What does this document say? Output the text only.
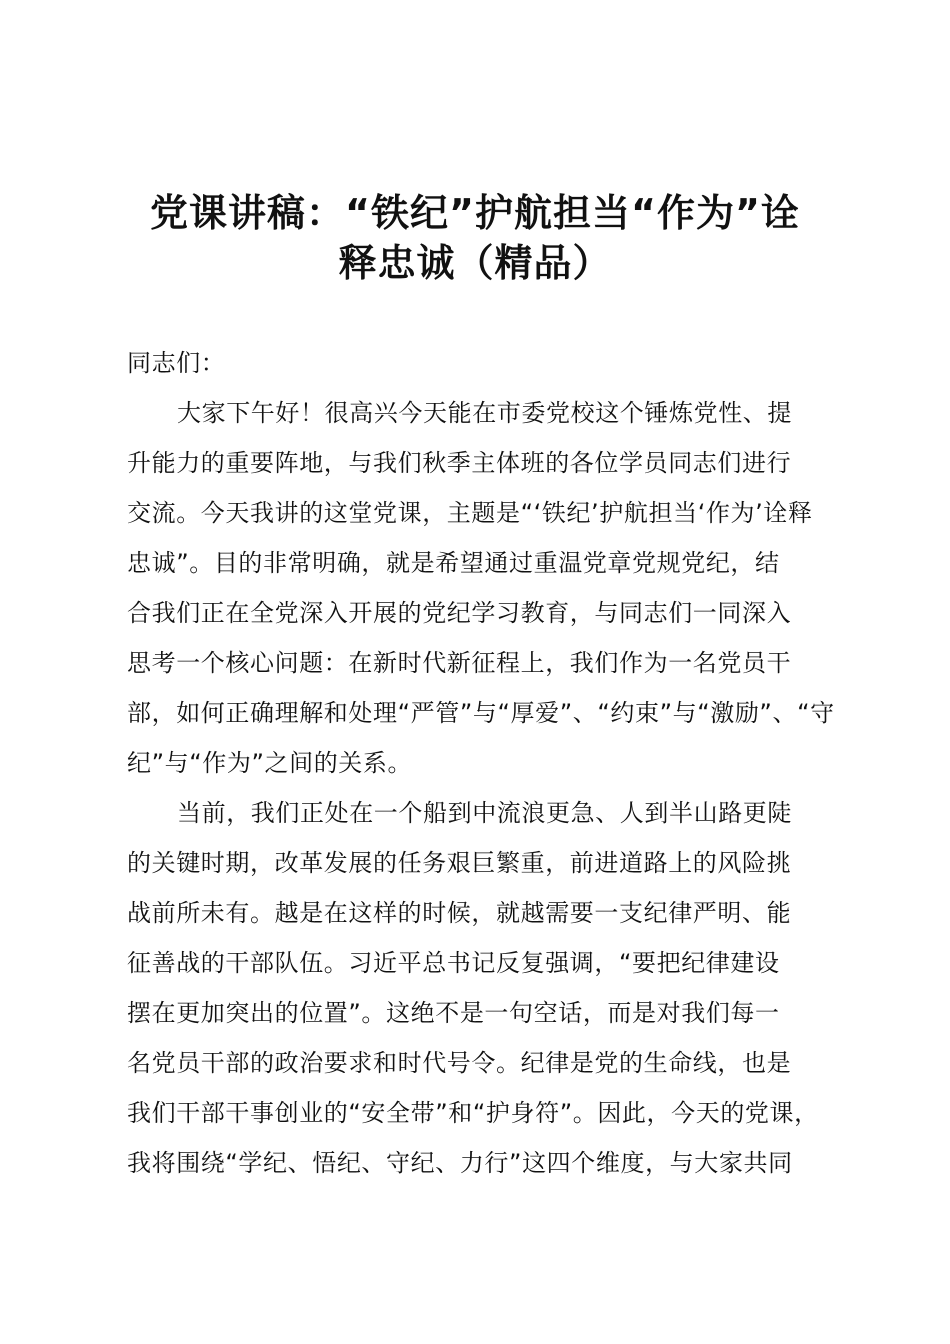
党课讲稿：“铁纪”护航担当“作为”诠
释忠诚（精品）
同志们：
大家下午好！很高兴今天能在市委党校这个锤炼党性、提
升能力的重要阵地，与我们秋季主体班的各位学员同志们进行
交流。今天我讲的这堂党课，主题是“‘铁纪’护航担当‘作为’诠释
忠诚”。目的非常明确，就是希望通过重温党章党规党纪，结
合我们正在全党深入开展的党纪学习教育，与同志们一同深入
思考一个核心问题：在新时代新征程上，我们作为一名党员干
部，如何正确理解和处理“严管”与“厚爱”、“约束”与“激励”、“守
纪”与“作为”之间的关系。
当前，我们正处在一个船到中流浪更急、人到半山路更陡
的关键时期，改革发展的任务艰巨繁重，前进道路上的风险挑
战前所未有。越是在这样的时候，就越需要一支纪律严明、能
征善战的干部队伍。习近平总书记反复强调，“要把纪律建设
摆在更加突出的位置”。这绝不是一句空话，而是对我们每一
名党员干部的政治要求和时代号令。纪律是党的生命线，也是
我们干部干事创业的“安全带”和“护身符”。因此，今天的党课，
我将围绕“学纪、悟纪、守纪、力行”这四个维度，与大家共同
